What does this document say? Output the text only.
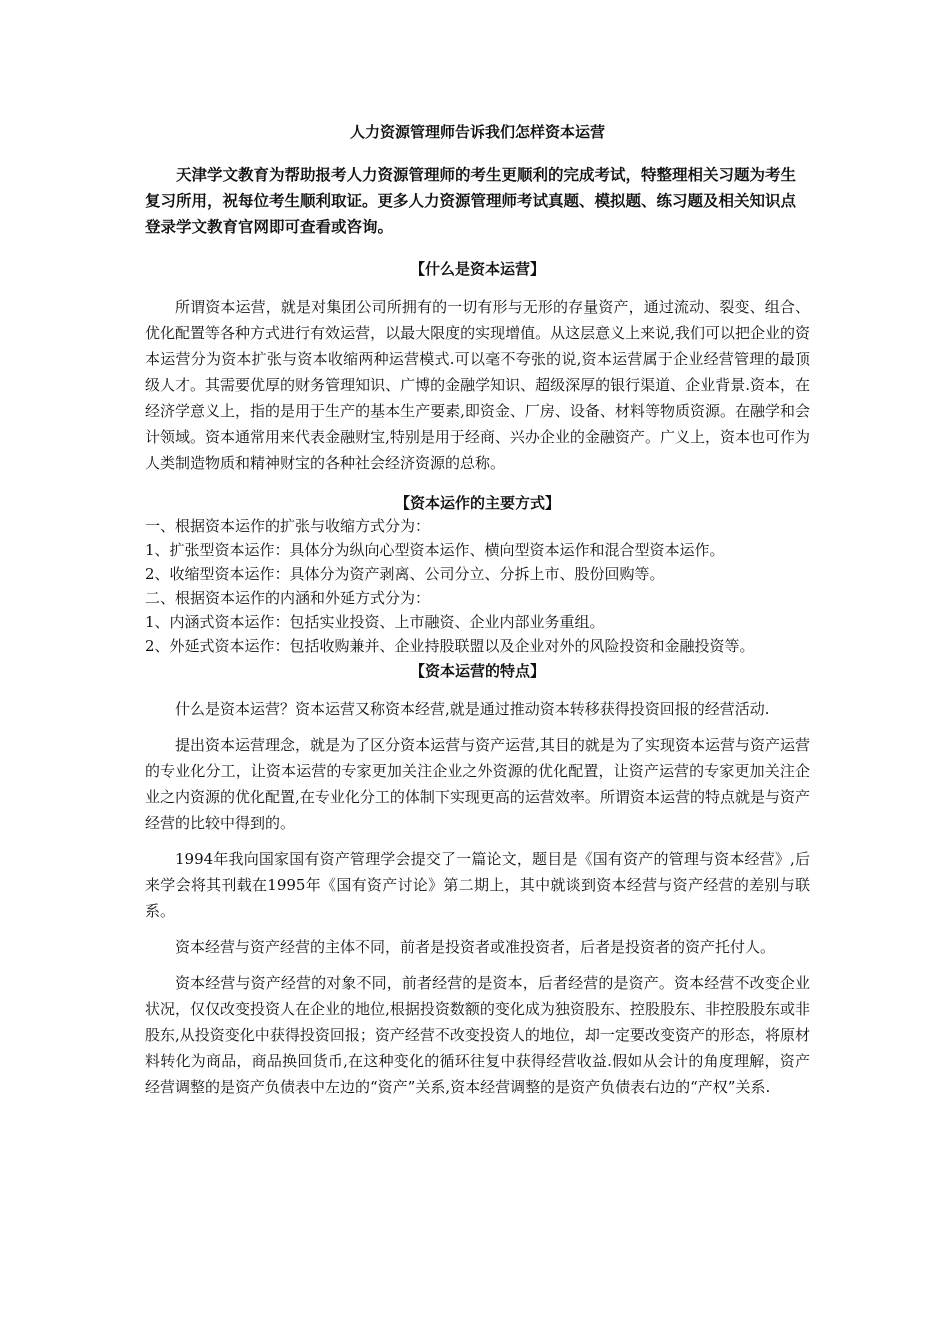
人力资源管理师告诉我们怎样资本运营

天津学文教育为帮助报考人力资源管理师的考生更顺利的完成考试，特整理相关习题为考生复习所用，祝每位考生顺利取证。更多人力资源管理师考试真题、模拟题、练习题及相关知识点登录学文教育官网即可查看或咨询。

【什么是资本运营】

所谓资本运营，就是对集团公司所拥有的一切有形与无形的存量资产，通过流动、裂变、组合、优化配置等各种方式进行有效运营，以最大限度的实现增值。从这层意义上来说,我们可以把企业的资本运营分为资本扩张与资本收缩两种运营模式.可以毫不夸张的说,资本运营属于企业经营管理的最顶级人才。其需要优厚的财务管理知识、广博的金融学知识、超级深厚的银行渠道、企业背景.资本，在经济学意义上，指的是用于生产的基本生产要素,即资金、厂房、设备、材料等物质资源。在融学和会计领域。资本通常用来代表金融财宝,特别是用于经商、兴办企业的金融资产。广义上，资本也可作为人类制造物质和精神财宝的各种社会经济资源的总称。

【资本运作的主要方式】
一、根据资本运作的扩张与收缩方式分为：
1、扩张型资本运作：具体分为纵向心型资本运作、横向型资本运作和混合型资本运作。
2、收缩型资本运作：具体分为资产剥离、公司分立、分拆上市、股份回购等。
二、根据资本运作的内涵和外延方式分为：
1、内涵式资本运作：包括实业投资、上市融资、企业内部业务重组。
2、外延式资本运作：包括收购兼并、企业持股联盟以及企业对外的风险投资和金融投资等。
【资本运营的特点】

什么是资本运营？资本运营又称资本经营,就是通过推动资本转移获得投资回报的经营活动.

提出资本运营理念，就是为了区分资本运营与资产运营,其目的就是为了实现资本运营与资产运营的专业化分工，让资本运营的专家更加关注企业之外资源的优化配置，让资产运营的专家更加关注企业之内资源的优化配置,在专业化分工的体制下实现更高的运营效率。所谓资本运营的特点就是与资产经营的比较中得到的。

1994年我向国家国有资产管理学会提交了一篇论文，题目是《国有资产的管理与资本经营》,后来学会将其刊载在1995年《国有资产讨论》第二期上，其中就谈到资本经营与资产经营的差别与联系。

资本经营与资产经营的主体不同，前者是投资者或准投资者，后者是投资者的资产托付人。

资本经营与资产经营的对象不同，前者经营的是资本，后者经营的是资产。资本经营不改变企业状况，仅仅改变投资人在企业的地位,根据投资数额的变化成为独资股东、控股股东、非控股股东或非股东,从投资变化中获得投资回报；资产经营不改变投资人的地位，却一定要改变资产的形态，将原材料转化为商品，商品换回货币,在这种变化的循环往复中获得经营收益.假如从会计的角度理解，资产经营调整的是资产负债表中左边的“资产”关系,资本经营调整的是资产负债表右边的“产权”关系.
